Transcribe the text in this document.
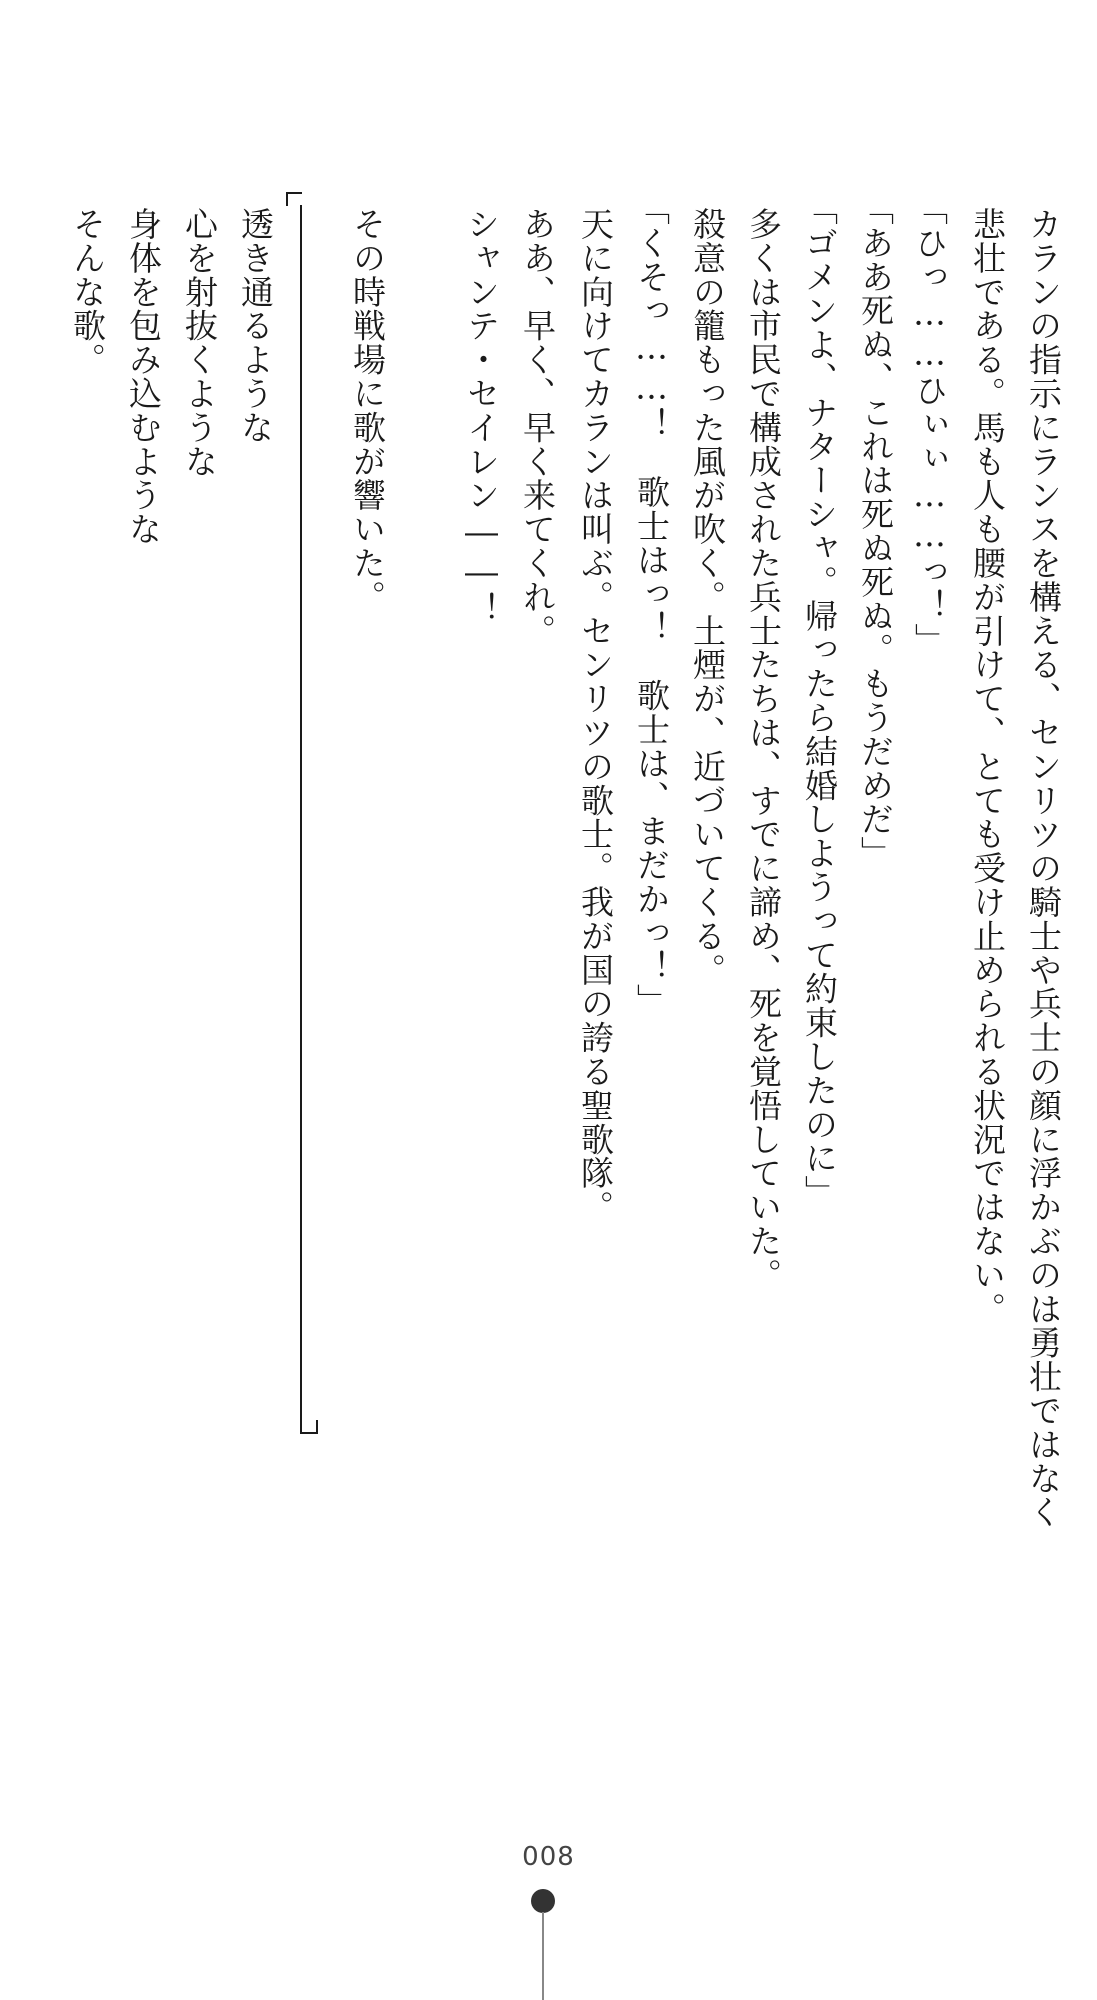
カランの指示にランスを構える、センリツの騎士や兵士の顔に浮かぶのは勇壮ではなく
悲壮である。馬も人も腰が引けて、とても受け止められる状況ではない。
「ひっ……ひぃぃ……っ！」
「ああ死ぬ、これは死ぬ死ぬ。もうだめだ」
「ゴメンよ、ナターシャ。帰ったら結婚しようって約束したのに」
多くは市民で構成された兵士たちは、すでに諦め、死を覚悟していた。
殺意の籠もった風が吹く。土煙が、近づいてくる。
「くそっ……！　歌士はっ！　歌士は、まだかっ！」
天に向けてカランは叫ぶ。センリツの歌士。我が国の誇る聖歌隊。
ああ、早く、早く来てくれ。
シャンテ・セイレン――！
その時戦場に歌が響いた。
透き通るような
心を射抜くような
身体を包み込むような
そんな歌。
008
